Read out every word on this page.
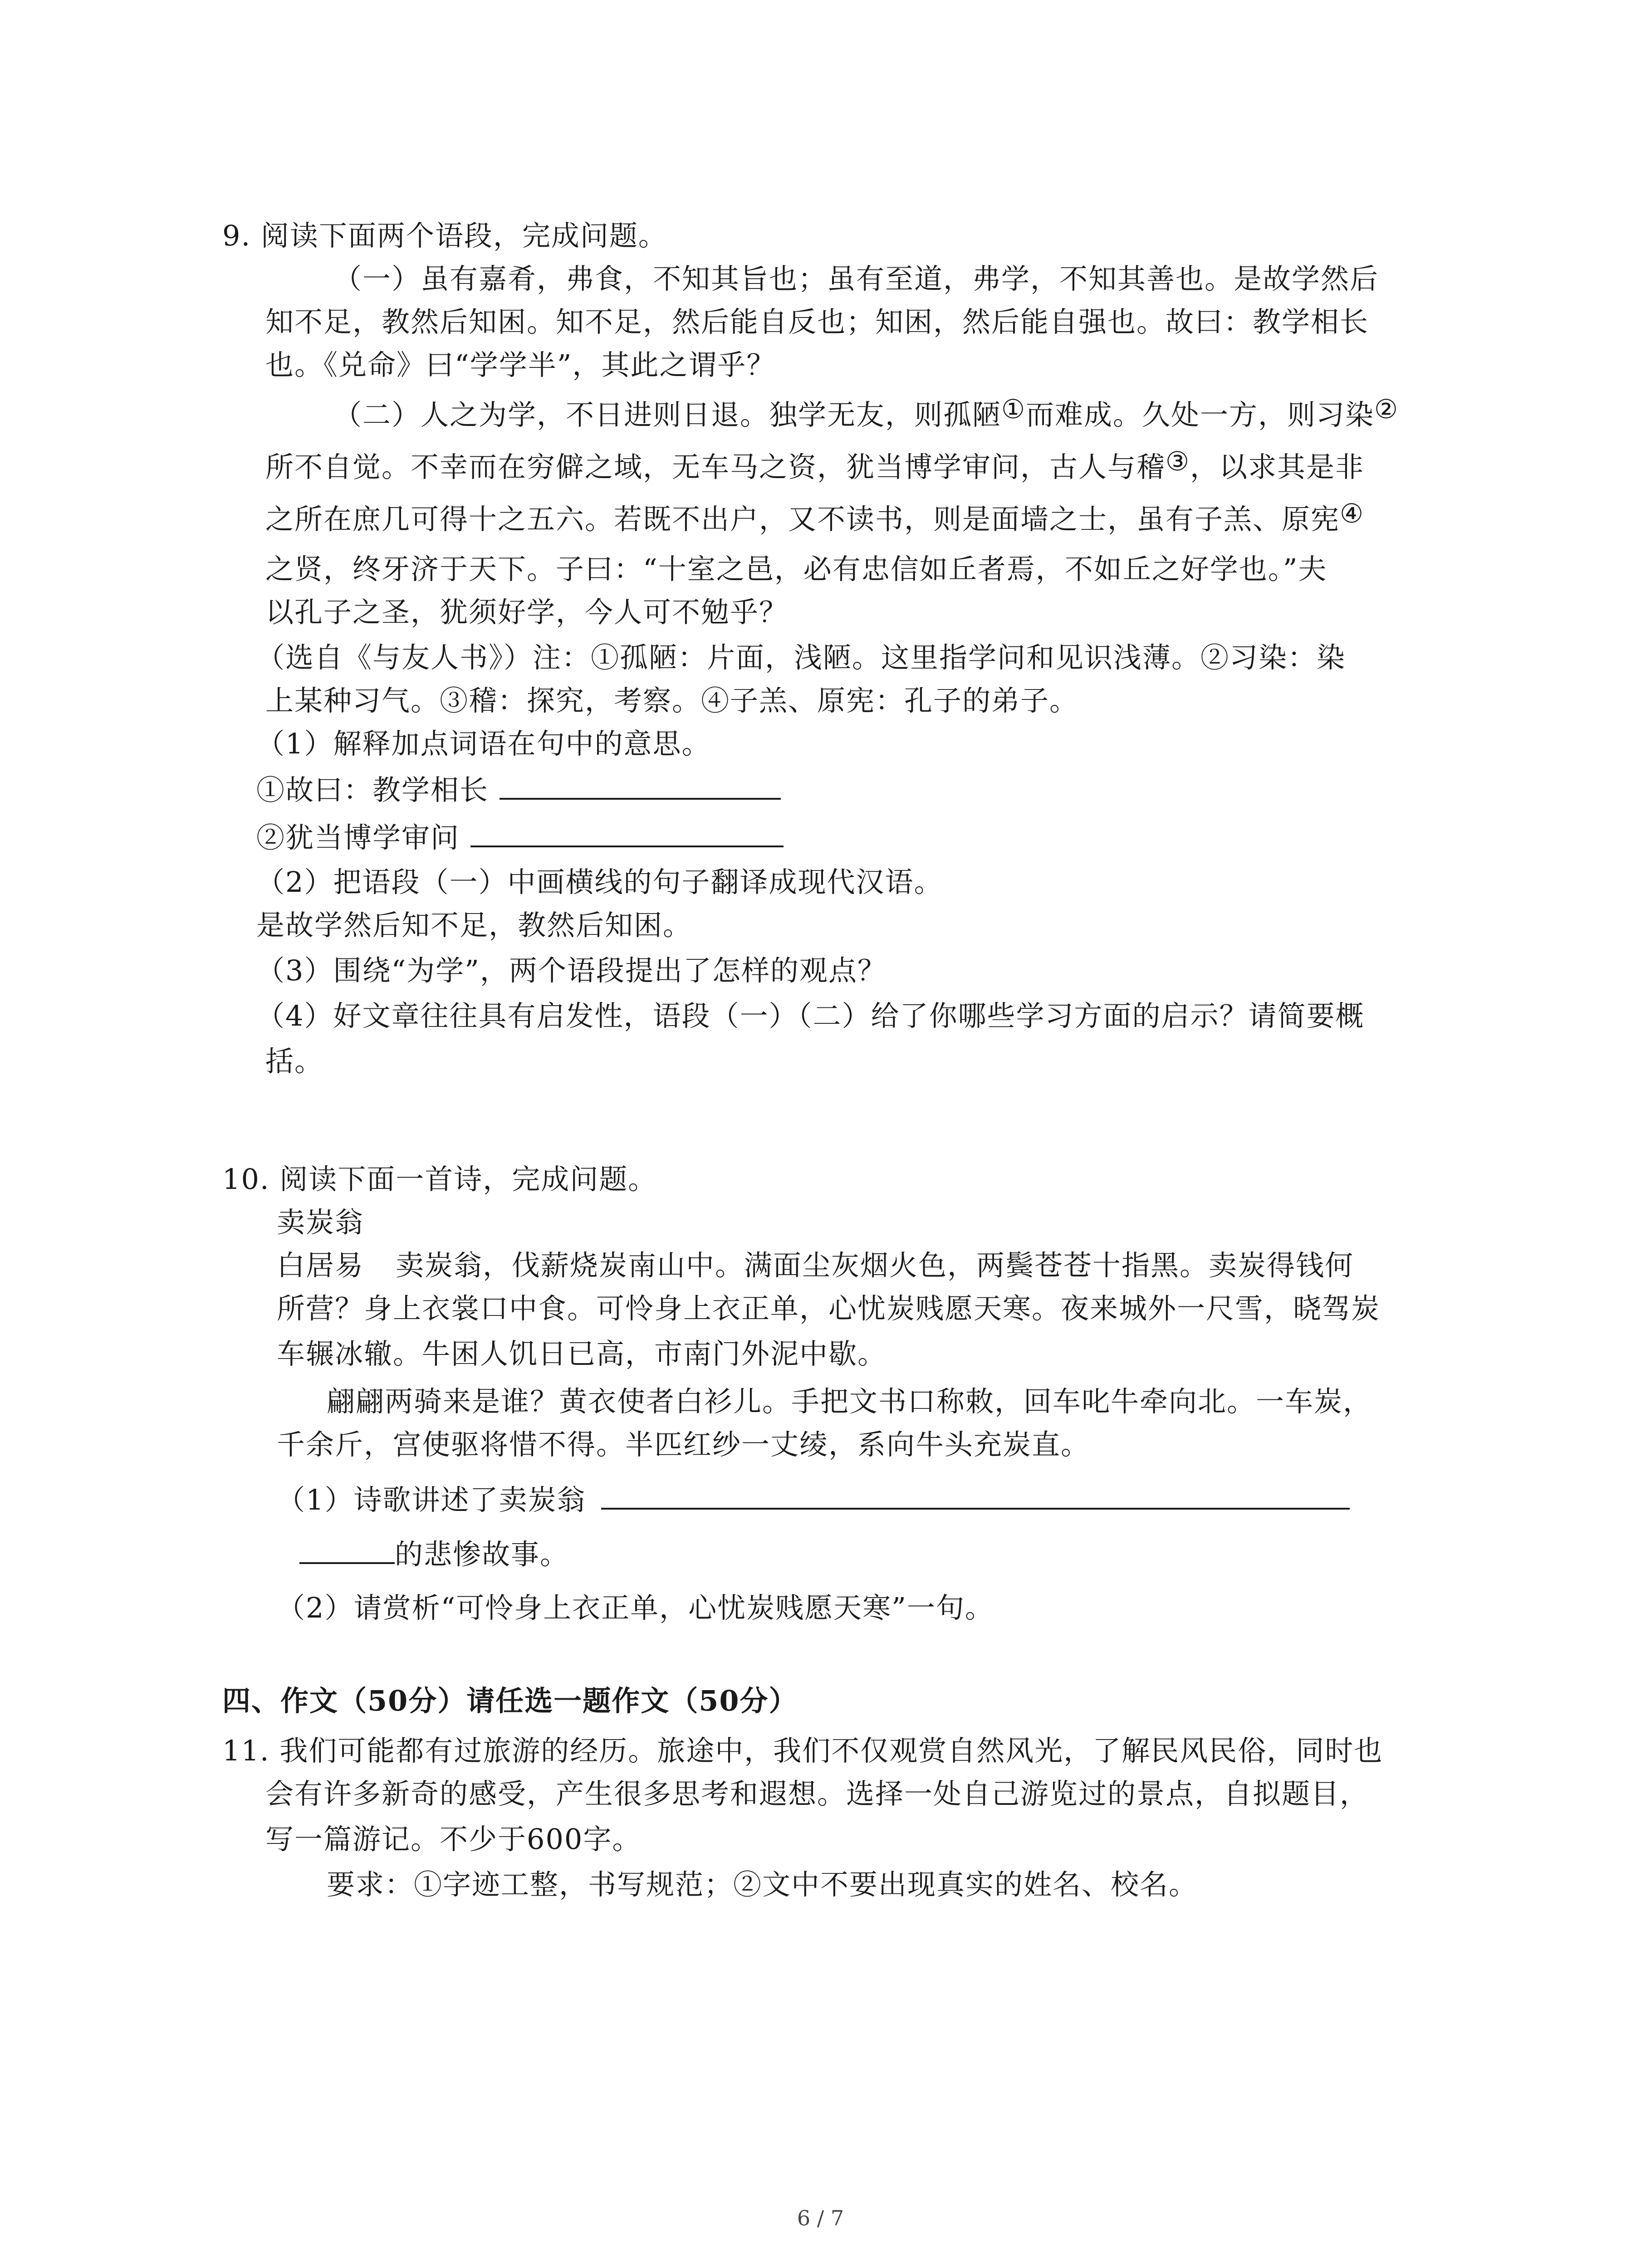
9. 阅读下面两个语段，完成问题。
（一）虽有嘉肴，弗食，不知其旨也；虽有至道，弗学，不知其善也。是故学然后
知不足，教然后知困。知不足，然后能自反也；知困，然后能自强也。故曰：教学相长
也。《兑命》曰“学学半”，其此之谓乎？
（二）人之为学，不日进则日退。独学无友，则孤陋①而难成。久处一方，则习染②
所不自觉。不幸而在穷僻之域，无车马之资，犹当博学审问，古人与稽③，以求其是非
之所在庶几可得十之五六。若既不出户，又不读书，则是面墙之士，虽有子羔、原宪④
之贤，终牙济于天下。子曰：“十室之邑，必有忠信如丘者焉，不如丘之好学也。”夫
以孔子之圣，犹须好学，今人可不勉乎？
（选自《与友人书》）注：①孤陋：片面，浅陋。这里指学问和见识浅薄。②习染：染
上某种习气。③稽：探究，考察。④子羔、原宪：孔子的弟子。
（1）解释加点词语在句中的意思。
①故曰：教学相长
②犹当博学审问
（2）把语段（一）中画横线的句子翻译成现代汉语。
是故学然后知不足，教然后知困。
（3）围绕“为学”，两个语段提出了怎样的观点？
（4）好文章往往具有启发性，语段（一）（二）给了你哪些学习方面的启示？请简要概
括。
10. 阅读下面一首诗，完成问题。
卖炭翁
白居易 卖炭翁，伐薪烧炭南山中。满面尘灰烟火色，两鬓苍苍十指黑。卖炭得钱何
所营？身上衣裳口中食。可怜身上衣正单，心忧炭贱愿天寒。夜来城外一尺雪，晓驾炭
车辗冰辙。牛困人饥日已高，市南门外泥中歇。
翩翩两骑来是谁？黄衣使者白衫儿。手把文书口称敕，回车叱牛牵向北。一车炭，
千余斤，宫使驱将惜不得。半匹红纱一丈绫，系向牛头充炭直。
（1）诗歌讲述了卖炭翁
的悲惨故事。
（2）请赏析“可怜身上衣正单，心忧炭贱愿天寒”一句。
四、作文（50分）请任选一题作文（50分）
11. 我们可能都有过旅游的经历。旅途中，我们不仅观赏自然风光，了解民风民俗，同时也
会有许多新奇的感受，产生很多思考和遐想。选择一处自己游览过的景点，自拟题目，
写一篇游记。不少于600字。
要求：①字迹工整，书写规范；②文中不要出现真实的姓名、校名。
6 / 7
